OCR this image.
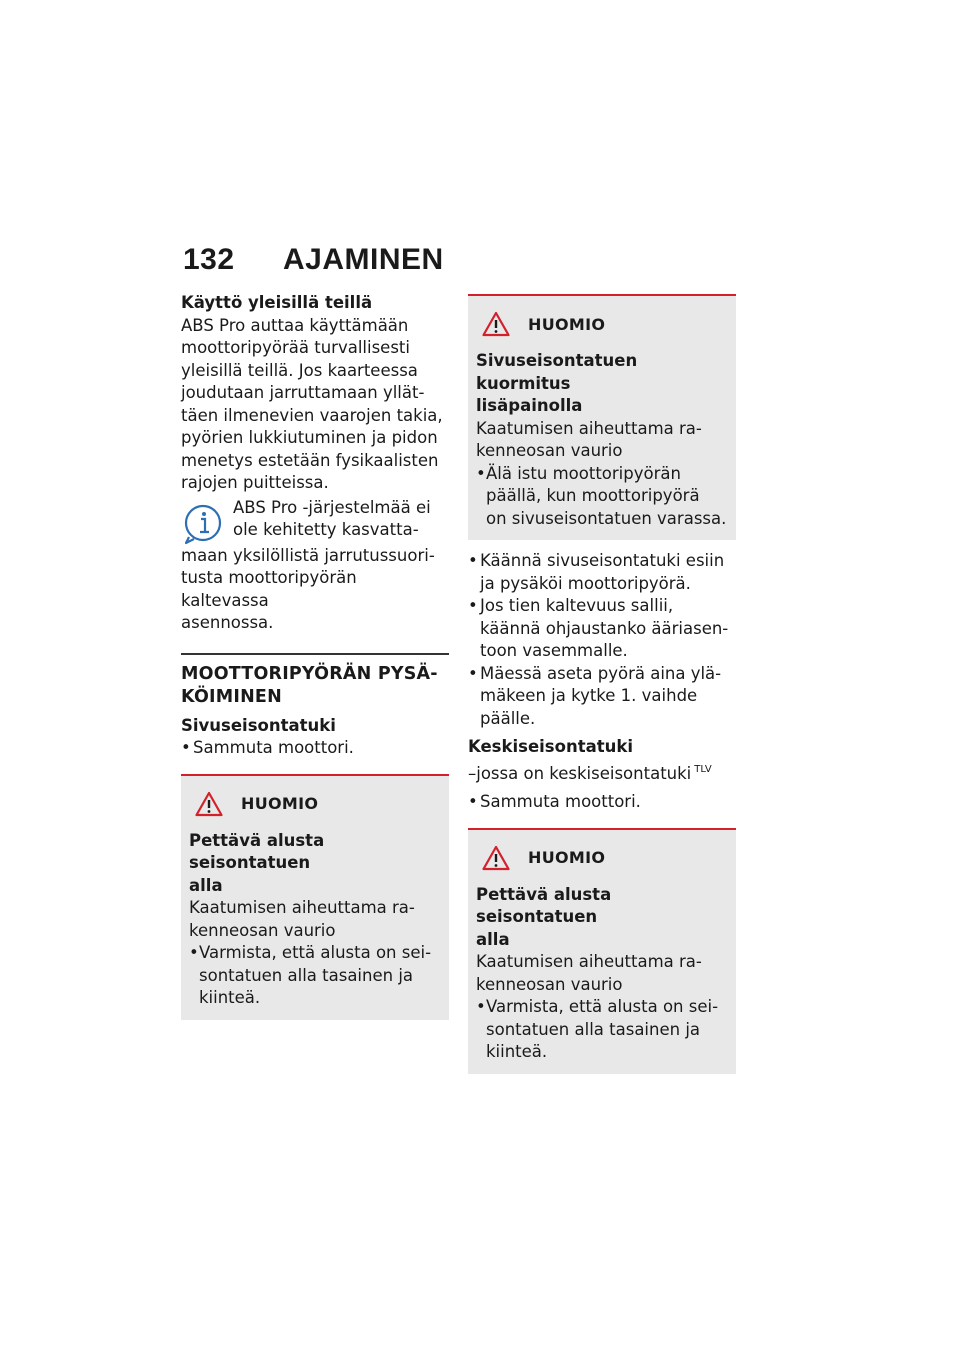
132 AJAMINEN
Käyttö yleisillä teillä
ABS Pro auttaa käyttämään
moottoripyörää turvallisesti
yleisillä teillä. Jos kaarteessa
joudutaan jarruttamaan yllät-
täen ilmenevien vaarojen takia,
pyörien lukkiutuminen ja pidon
menetys estetään fysikaalisten
rajojen puitteissa.
ABS Pro -järjestelmää ei
ole kehitetty kasvatta-
maan yksilöllistä jarrutussuori-
tusta moottoripyörän kaltevassa
asennossa.
MOOTTORIPYÖRÄN PYSÄ-
KÖIMINEN
Sivuseisontatuki
• Sammuta moottori.
HUOMIO
Pettävä alusta seisontatuen
alla
Kaatumisen aiheuttama ra-
kenneosan vaurio
• Varmista, että alusta on sei-
sontatuen alla tasainen ja
kiinteä.
HUOMIO
Sivuseisontatuen kuormitus
lisäpainolla
Kaatumisen aiheuttama ra-
kenneosan vaurio
• Älä istu moottoripyörän
päällä, kun moottoripyörä
on sivuseisontatuen varassa.
• Käännä sivuseisontatuki esiin
ja pysäköi moottoripyörä.
• Jos tien kaltevuus sallii,
käännä ohjaustanko ääriasen-
toon vasemmalle.
• Mäessä aseta pyörä aina ylä-
mäkeen ja kytke 1. vaihde
päälle.
Keskiseisontatuki
–jossa on keskiseisontatuki $^{TLV}$
• Sammuta moottori.
HUOMIO
Pettävä alusta seisontatuen
alla
Kaatumisen aiheuttama ra-
kenneosan vaurio
• Varmista, että alusta on sei-
sontatuen alla tasainen ja
kiinteä.
